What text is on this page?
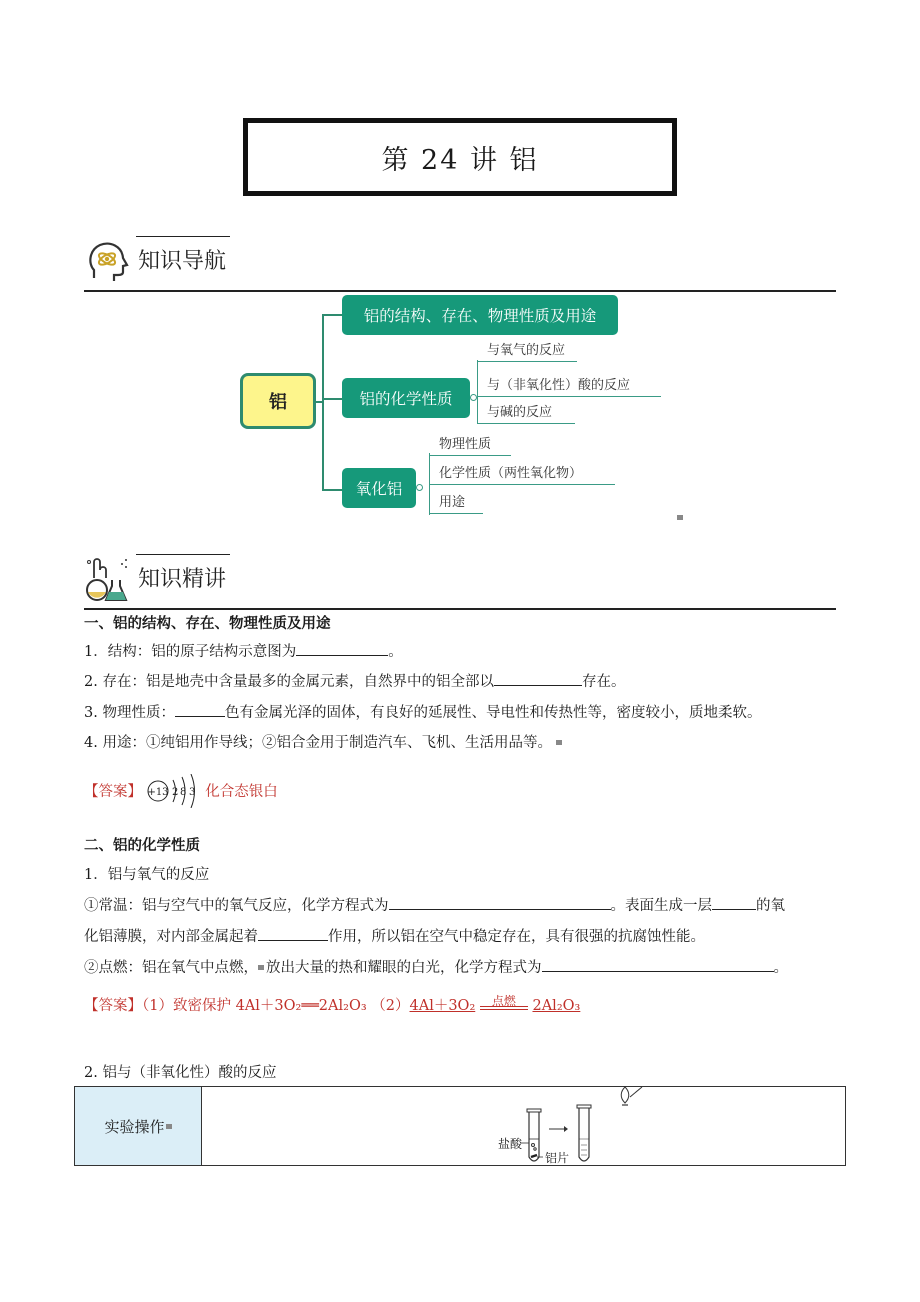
第 24 讲 铝
知识导航
铝
铝的结构、存在、物理性质及用途
铝的化学性质
与氧气的反应
与（非氧化性）酸的反应
与碱的反应
氧化铝
物理性质
化学性质（两性氧化物）
用途
知识精讲
一、铝的结构、存在、物理性质及用途
1．结构：铝的原子结构示意图为	。
2. 存在：铝是地壳中含量最多的金属元素，自然界中的铝全部以	存在。
3. 物理性质：	色有金属光泽的固体，有良好的延展性、导电性和传热性等，密度较小，质地柔软。
4. 用途：①纯铝用作导线；②铝合金用于制造汽车、飞机、生活用品等。
【答案】 +13 2 8 3 化合态银白
二、铝的化学性质
1．铝与氧气的反应
①常温：铝与空气中的氧气反应，化学方程式为	。表面生成一层	的氧
化铝薄膜，对内部金属起着	作用，所以铝在空气中稳定存在，具有很强的抗腐蚀性能。
②点燃：铝在氧气中点燃， 放出大量的热和耀眼的白光，化学方程式为	。
【答案】（1）致密保护 4Al＋3O₂══2Al₂O₃ （2）4Al＋3O₂	点燃	2Al₂O₃
2. 铝与（非氧化性）酸的反应
实验操作
盐酸
铝片
